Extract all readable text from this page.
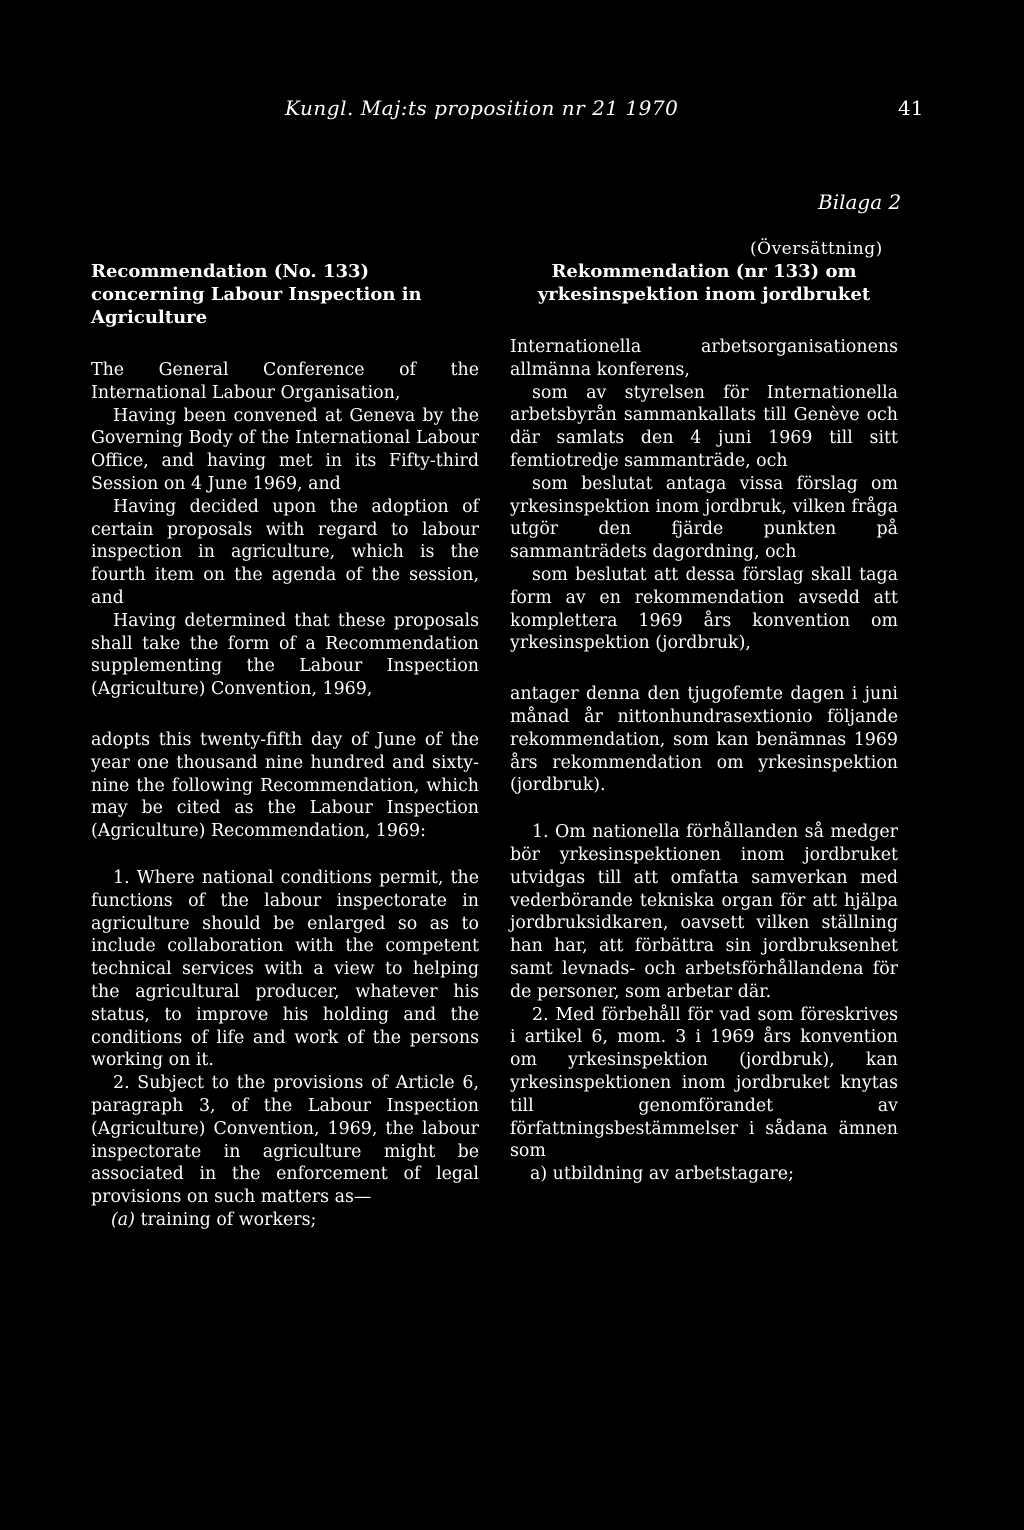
Kungl. Maj:ts proposition nr 21 1970	41
Bilaga 2
(Översättning)

Recommendation (No. 133) concerning Labour Inspection in Agriculture

The General Conference of the International Labour Organisation,

Having been convened at Geneva by the Governing Body of the International Labour Office, and having met in its Fifty-third Session on 4 June 1969, and

Having decided upon the adoption of certain proposals with regard to labour inspection in agriculture, which is the fourth item on the agenda of the session, and

Having determined that these proposals shall take the form of a Recommendation supplementing the Labour Inspection (Agriculture) Convention, 1969,

adopts this twenty-fifth day of June of the year one thousand nine hundred and sixty-nine the following Recommendation, which may be cited as the Labour Inspection (Agriculture) Recommendation, 1969:

1. Where national conditions permit, the functions of the labour inspectorate in agriculture should be enlarged so as to include collaboration with the competent technical services with a view to helping the agricultural producer, whatever his status, to improve his holding and the conditions of life and work of the persons working on it.

2. Subject to the provisions of Article 6, paragraph 3, of the Labour Inspection (Agriculture) Convention, 1969, the labour inspectorate in agriculture might be associated in the enforcement of legal provisions on such matters as—

(a) training of workers;

Rekommendation (nr 133) om yrkesinspektion inom jordbruket

Internationella arbetsorganisationens allmänna konferens,

som av styrelsen för Internationella arbetsbyrån sammankallats till Genève och där samlats den 4 juni 1969 till sitt femtiotredje sammanträde, och

som beslutat antaga vissa förslag om yrkesinspektion inom jordbruk, vilken fråga utgör den fjärde punkten på sammanträdets dagordning, och

som beslutat att dessa förslag skall taga form av en rekommendation avsedd att komplettera 1969 års konvention om yrkesinspektion (jordbruk),

antager denna den tjugofemte dagen i juni månad år nittonhundrasextionio följande rekommendation, som kan benämnas 1969 års rekommendation om yrkesinspektion (jordbruk).

1. Om nationella förhållanden så medger bör yrkesinspektionen inom jordbruket utvidgas till att omfatta samverkan med vederbörande tekniska organ för att hjälpa jordbruksidkaren, oavsett vilken ställning han har, att förbättra sin jordbruksenhet samt levnads- och arbetsförhållandena för de personer, som arbetar där.

2. Med förbehåll för vad som föreskrives i artikel 6, mom. 3 i 1969 års konvention om yrkesinspektion (jordbruk), kan yrkesinspektionen inom jordbruket knytas till genomförandet av författningsbestämmelser i sådana ämnen som

a) utbildning av arbetstagare;
